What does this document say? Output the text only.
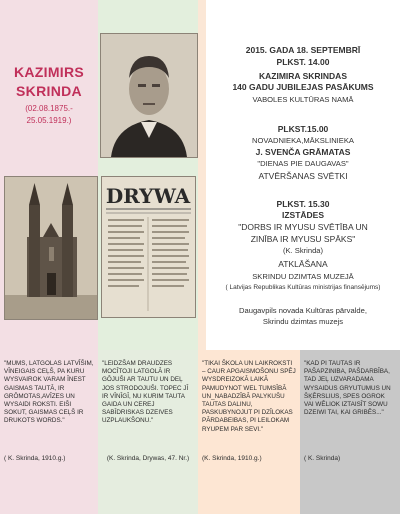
KAZIMIRS
SKRINDA
(02.08.1875.-
25.05.1919.)
DRYWA
2015. GADA 18. SEPTEMBRĪ
PLKST. 14.00
KAZIMIRA SKRINDAS
140 GADU JUBILEJAS PASĀKUMS
VABOLES KULTŪRAS NAMĀ
PLKST.15.00
NOVADNIEKA,MĀKSLINIEKA
J. SVENČA GRĀMATAS
"DIENAS PIE DAUGAVAS"
ATVĒRŠANAS SVĒTKI
PLKST. 15.30
IZSTĀDES
"DORBS IR MYUSU SVĒTĪBA UN
ZINĪBA IR MYUSU SPĀKS"
(K. Skrinda)
ATKLĀŠANA
SKRINDU DZIMTAS MUZEJĀ
( Latvijas Republikas Kultūras ministrijas finansējums)
Daugavpils novada Kultūras pārvalde,
Skrindu dzimtas muzejs
"MUMS, LATGOLAS LATVĪŠIM, VĪNEIGAIS CEĻŠ, PA KURU WYSVAIROK VARAM ĪNEST GAISMAS TAUTĀ, IR GRŌMOTAS,AVĪZES UN WYSAIDI ROKSTI. EIŠI SOKUT, GAISMAS CEĻŠ IR DRUKOTS WORDS."
( K. Skrinda, 1910.g.)
"LEIDZŠAM DRAUDZES MOCĪTOJI LATGOLĀ IR GŌJUŠI AR TAUTU UN DEĻ JOS STRODOJUŠI. TOPEC JĪ IR VĪNĪGĪ, NU KURIM TAUTA GAIDA UN CEREJ SABĪDRISKAS DZEIVES UZPLAUKŠONU."
(K. Skrinda, Drywas, 47. Nr.)
"TIKAI ŠKOLA UN LAIKROKSTI – CAUR APGAISMOŠONU SPĒJ WYSDREIZOKĀ LAIKĀ PAMUDYNOT WEL TUMSĪBĀ UN_NABADZĪBĀ PALYKUŠU TAUTAS DALINU, PASKUBYNOJUT PI DZĪLOKAS PĀRDABEIBAS, PI LEILOKAM RYUPEM PAR SEVI."
(K. Skrinda, 1910.g.)
"KAD PI TAUTAS IR PAŠAPZINIBA, PAŠDARBĪBA, TAD JEĻ UZVARADAMA WYSAIDUS GRYUTUMUS UN ŠĶĒRSLIUS, SPES OGROK VAI WĒLIOK IZTAISĪT SOWU DZEIWI TAI, KAI GRIBĒS..."
( K. Skrinda)
